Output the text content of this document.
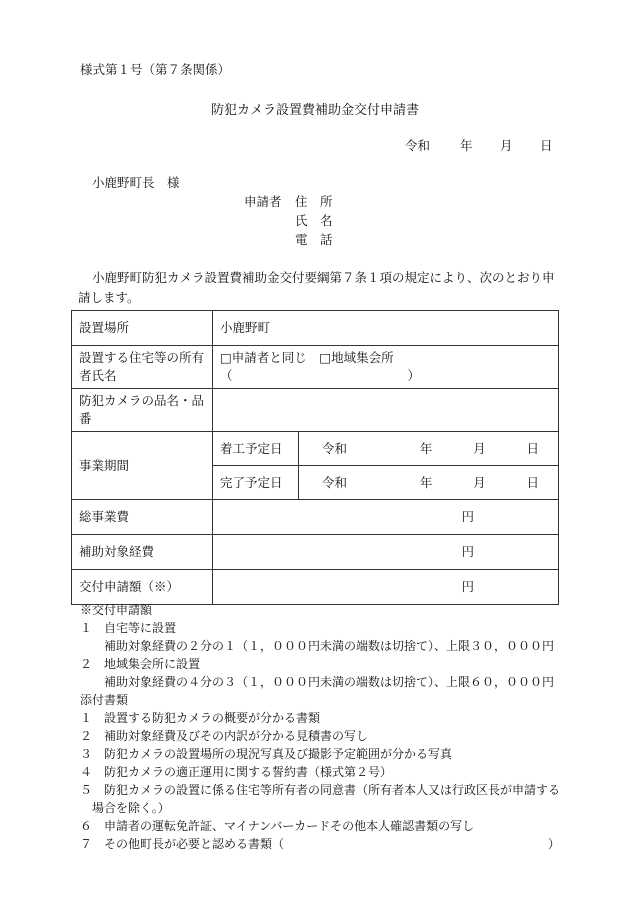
様式第１号（第７条関係）
防犯カメラ設置費補助金交付申請書
令和 年 月 日
小鹿野町長　様
申請者 住　所
氏　名
電　話
小鹿野町防犯カメラ設置費補助金交付要綱第７条１項の規定により、次のとおり申請します。
設置場所	小鹿野町	
設置する住宅等の所有者氏名	□申請者と同じ　□地域集会所（　　　　　　　　　　　　　　）	
防犯カメラの品名・品番		
事業期間	着工予定日	令和 年 月 日

	完了予定日	令和 年 月 日

総事業費	円	
補助対象経費	円	
交付申請額（※）	円	
※交付申請額
１　自宅等に設置
補助対象経費の２分の１（１，０００円未満の端数は切捨て）、上限３０，０００円
２　地域集会所に設置
補助対象経費の４分の３（１，０００円未満の端数は切捨て）、上限６０，０００円
添付書類
１　設置する防犯カメラの概要が分かる書類
２　補助対象経費及びその内訳が分かる見積書の写し
３　防犯カメラの設置場所の現況写真及び撮影予定範囲が分かる写真
４　防犯カメラの適正運用に関する誓約書（様式第２号）
５　防犯カメラの設置に係る住宅等所有者の同意書（所有者本人又は行政区長が申請する場合を除く。）
６　申請者の運転免許証、マイナンバーカードその他本人確認書類の写し
７　その他町長が必要と認める書類（　　　　　　　　　　　　　　　　　　　　　　）
